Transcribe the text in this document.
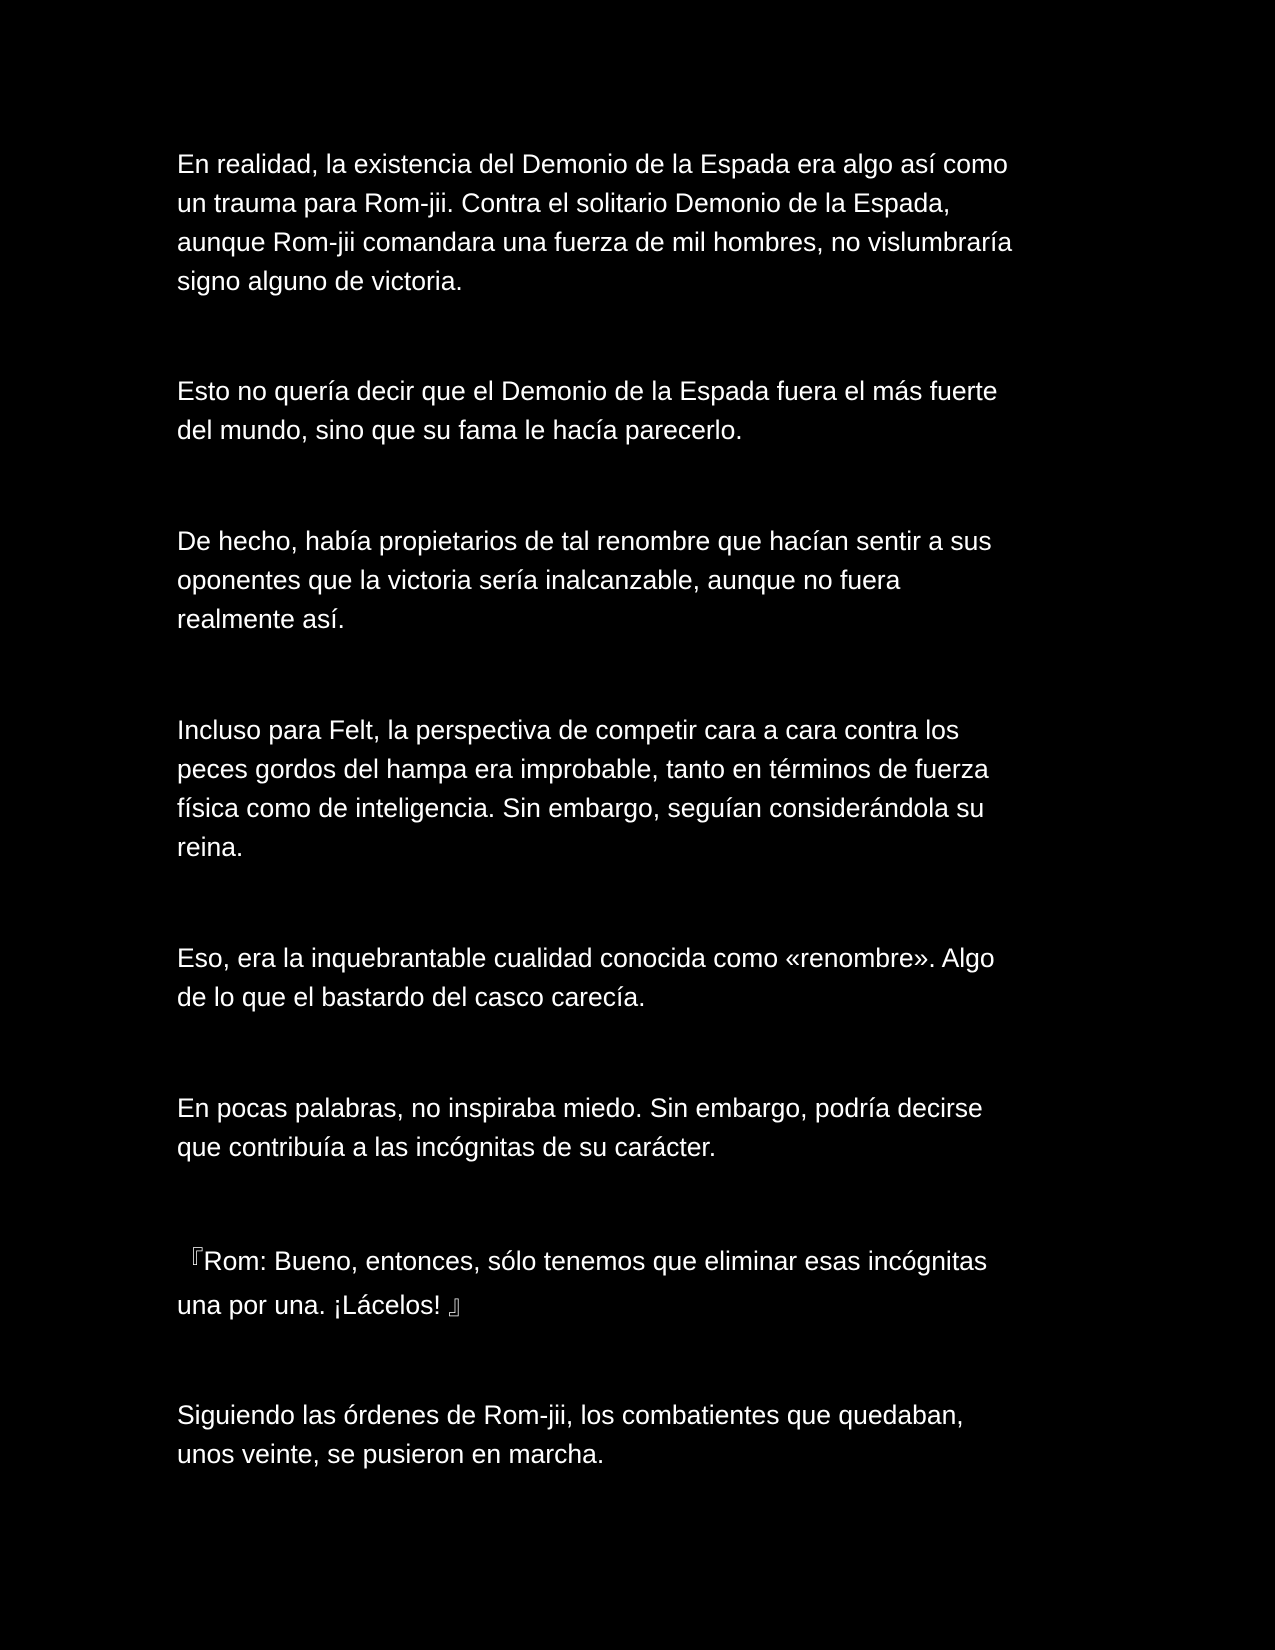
En realidad, la existencia del Demonio de la Espada era algo así como
un trauma para Rom-jii. Contra el solitario Demonio de la Espada,
aunque Rom-jii comandara una fuerza de mil hombres, no vislumbraría
signo alguno de victoria.

Esto no quería decir que el Demonio de la Espada fuera el más fuerte
del mundo, sino que su fama le hacía parecerlo.

De hecho, había propietarios de tal renombre que hacían sentir a sus
oponentes que la victoria sería inalcanzable, aunque no fuera
realmente así.

Incluso para Felt, la perspectiva de competir cara a cara contra los
peces gordos del hampa era improbable, tanto en términos de fuerza
física como de inteligencia. Sin embargo, seguían considerándola su
reina.

Eso, era la inquebrantable cualidad conocida como «renombre». Algo
de lo que el bastardo del casco carecía.

En pocas palabras, no inspiraba miedo. Sin embargo, podría decirse
que contribuía a las incógnitas de su carácter.

『Rom: Bueno, entonces, sólo tenemos que eliminar esas incógnitas
una por una. ¡Lácelos! 』

Siguiendo las órdenes de Rom-jii, los combatientes que quedaban,
unos veinte, se pusieron en marcha.
